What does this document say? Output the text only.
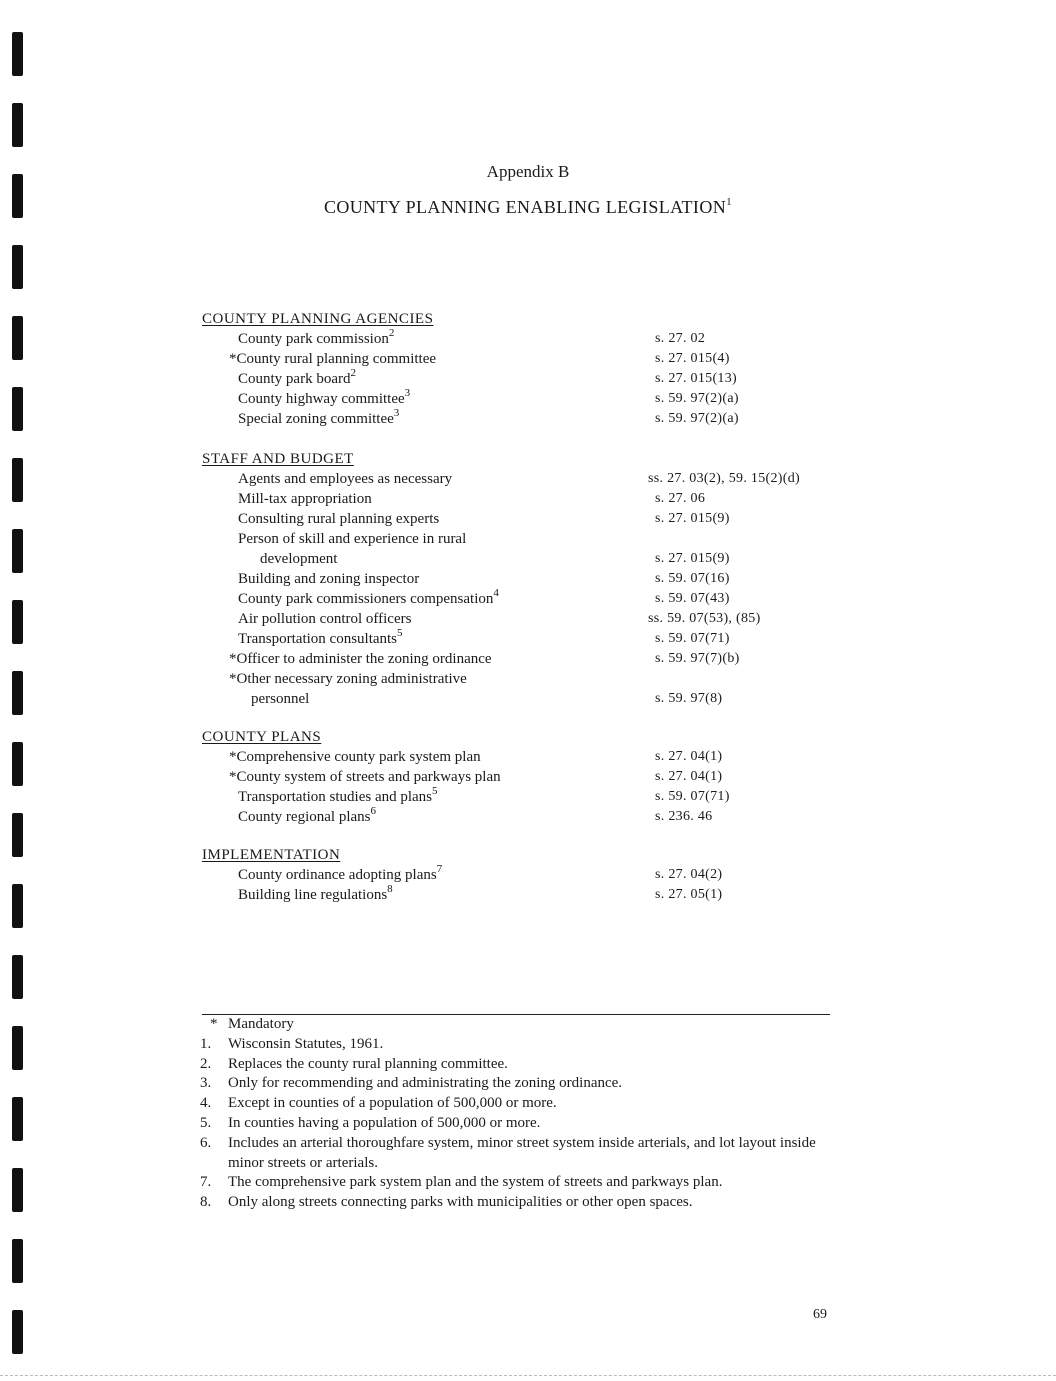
Appendix B
COUNTY PLANNING ENABLING LEGISLATION$^1$
COUNTY PLANNING AGENCIES
County park commission$^2$	s. 27. 02
*County rural planning committee	s. 27. 015(4)
County park board$^2$	s. 27. 015(13)
County highway committee$^3$	s. 59. 97(2)(a)
Special zoning committee$^3$	s. 59. 97(2)(a)
STAFF AND BUDGET
Agents and employees as necessary	ss. 27. 03(2), 59. 15(2)(d)
Mill-tax appropriation	s. 27. 06
Consulting rural planning experts	s. 27. 015(9)
Person of skill and experience in rural
development	s. 27. 015(9)
Building and zoning inspector	s. 59. 07(16)
County park commissioners compensation$^4$	s. 59. 07(43)
Air pollution control officers	ss. 59. 07(53), (85)
Transportation consultants$^5$	s. 59. 07(71)
*Officer to administer the zoning ordinance	s. 59. 97(7)(b)
*Other necessary zoning administrative
personnel	s. 59. 97(8)
COUNTY PLANS
*Comprehensive county park system plan	s. 27. 04(1)
*County system of streets and parkways plan	s. 27. 04(1)
Transportation studies and plans$^5$	s. 59. 07(71)
County regional plans$^6$	s. 236. 46
IMPLEMENTATION
County ordinance adopting plans$^7$	s. 27. 04(2)
Building line regulations$^8$	s. 27. 05(1)
* Mandatory
1.	Wisconsin Statutes, 1961.
2.	Replaces the county rural planning committee.
3.	Only for recommending and administrating the zoning ordinance.
4.	Except in counties of a population of 500,000 or more.
5.	In counties having a population of 500,000 or more.
6.	Includes an arterial thoroughfare system, minor street system inside arterials, and lot layout inside minor streets or arterials.
7.	The comprehensive park system plan and the system of streets and parkways plan.
8.	Only along streets connecting parks with municipalities or other open spaces.
69
